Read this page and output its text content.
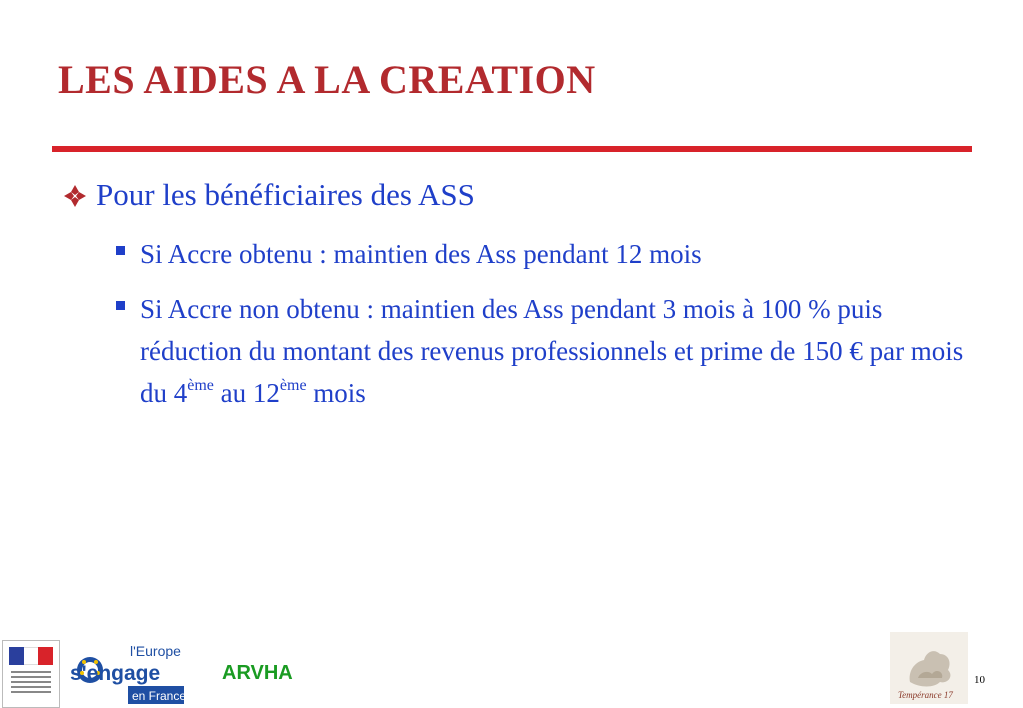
LES AIDES A LA CREATION
Pour les bénéficiaires des ASS
Si Accre obtenu : maintien des Ass pendant 12 mois
Si Accre non obtenu : maintien des Ass pendant 3 mois à 100 % puis réduction du montant des revenus professionnels et prime de 150 € par mois du 4ème au 12ème mois
l'Europe
s'engage
en France
ARVHA
Tempérance 17
10
